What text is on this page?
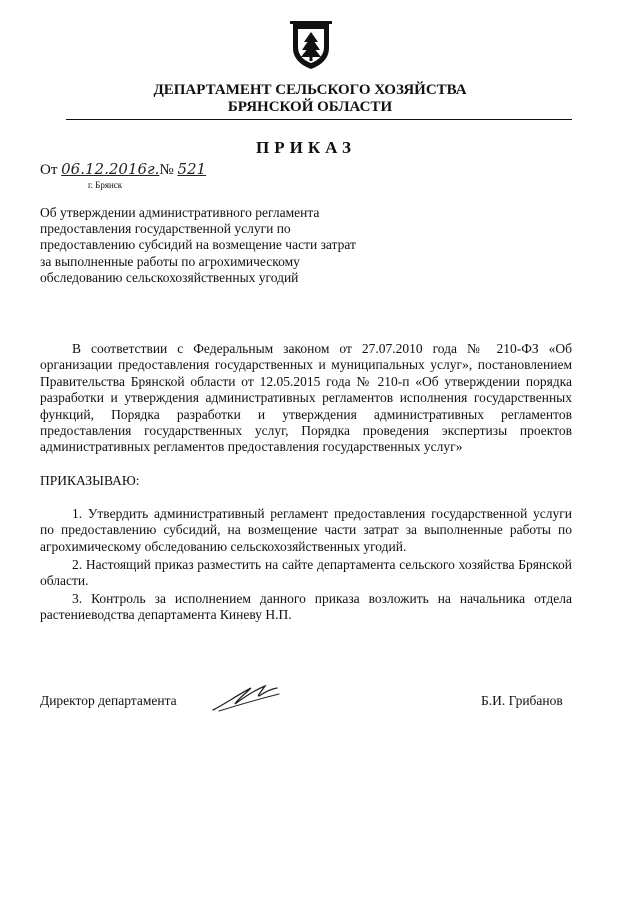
ДЕПАРТАМЕНТ СЕЛЬСКОГО ХОЗЯЙСТВА
БРЯНСКОЙ ОБЛАСТИ
ПРИКАЗ
От 06.12.2016г.№ 521
г. Брянск
Об утверждении административного регламента предоставления государственной услуги по предоставлению субсидий на возмещение части затрат за выполненные работы по агрохимическому обследованию сельскохозяйственных угодий
В соответствии с Федеральным законом от 27.07.2010 года № 210-ФЗ «Об организации предоставления государственных и муниципальных услуг», постановлением Правительства Брянской области от 12.05.2015 года № 210-п «Об утверждении порядка разработки и утверждения административных регламентов исполнения государственных функций, Порядка разработки и утверждения административных регламентов предоставления государственных услуг, Порядка проведения экспертизы проектов административных регламентов предоставления государственных услуг»
ПРИКАЗЫВАЮ:
1. Утвердить административный регламент предоставления государственной услуги по предоставлению субсидий, на возмещение части затрат за выполненные работы по агрохимическому обследованию сельскохозяйственных угодий.
2. Настоящий приказ разместить на сайте департамента сельского хозяйства Брянской области.
3. Контроль за исполнением данного приказа возложить на начальника отдела растениеводства департамента Киневу Н.П.
Директор департамента	Б.И. Грибанов
